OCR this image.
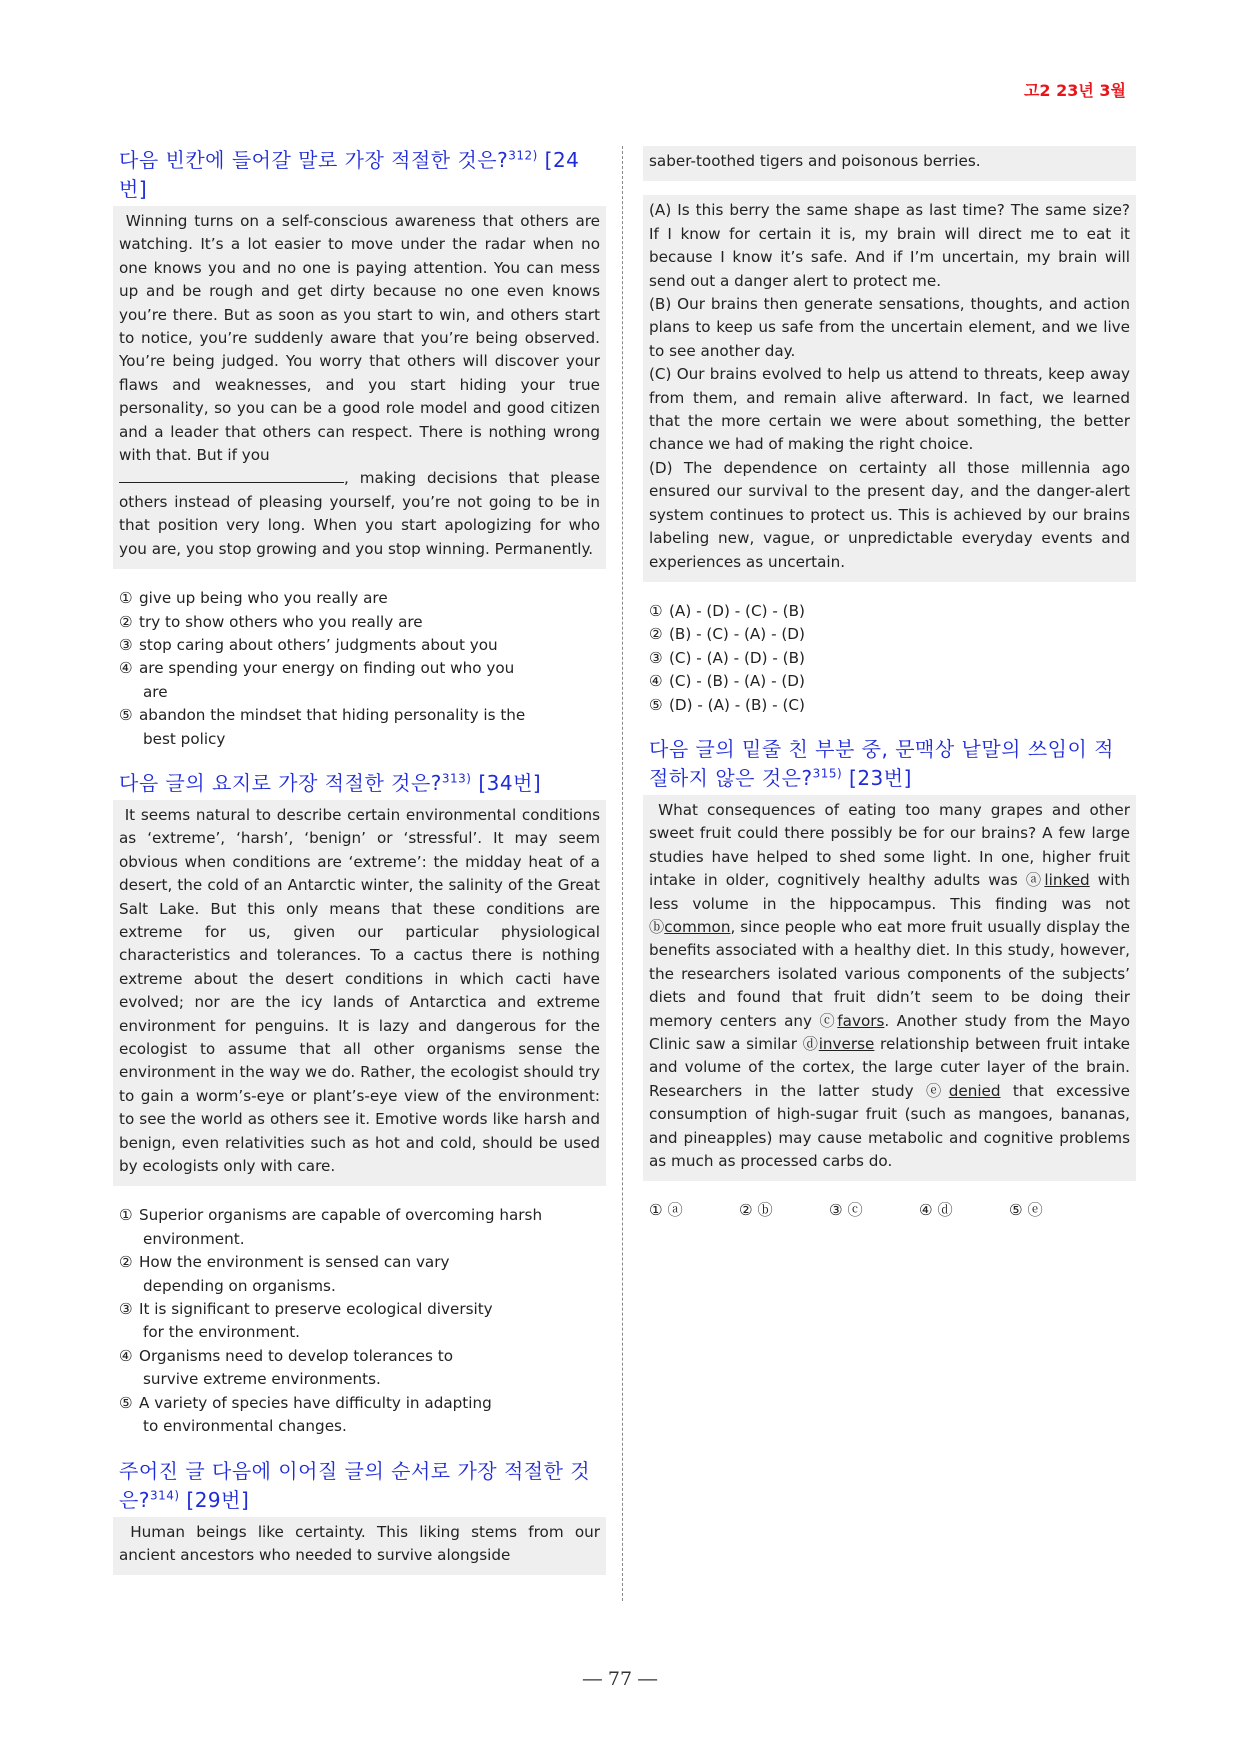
고2 23년 3월
다음 빈칸에 들어갈 말로 가장 적절한 것은?$^{312)}$ [24번]

Winning turns on a self-conscious awareness that others are watching. It’s a lot easier to move under the radar when no one knows you and no one is paying attention. You can mess up and be rough and get dirty because no one even knows you’re there. But as soon as you start to win, and others start to notice, you’re suddenly aware that you’re being observed. You’re being judged. You worry that others will discover your flaws and weaknesses, and you start hiding your true personality, so you can be a good role model and good citizen and a leader that others can respect. There is nothing wrong with that. But if you
, making decisions that please others instead of pleasing yourself, you’re not going to be in that position very long. When you start apologizing for who you are, you stop growing and you stop winning. Permanently.

① give up being who you really are
② try to show others who you really are
③ stop caring about others’ judgments about you
④ are spending your energy on finding out who you are
⑤ abandon the mindset that hiding personality is the best policy
다음 글의 요지로 가장 적절한 것은?$^{313)}$ [34번]

It seems natural to describe certain environmental conditions as ‘extreme’, ‘harsh’, ‘benign’ or ‘stressful’. It may seem obvious when conditions are ‘extreme’: the midday heat of a desert, the cold of an Antarctic winter, the salinity of the Great Salt Lake. But this only means that these conditions are extreme for us, given our particular physiological characteristics and tolerances. To a cactus there is nothing extreme about the desert conditions in which cacti have evolved; nor are the icy lands of Antarctica and extreme environment for penguins. It is lazy and dangerous for the ecologist to assume that all other organisms sense the environment in the way we do. Rather, the ecologist should try to gain a worm’s-eye or plant’s-eye view of the environment: to see the world as others see it. Emotive words like harsh and benign, even relativities such as hot and cold, should be used by ecologists only with care.

① Superior organisms are capable of overcoming harsh environment.
② How the environment is sensed can vary depending on organisms.
③ It is significant to preserve ecological diversity for the environment.
④ Organisms need to develop tolerances to survive extreme environments.
⑤ A variety of species have difficulty in adapting to environmental changes.
주어진 글 다음에 이어질 글의 순서로 가장 적절한 것은?$^{314)}$ [29번]

Human beings like certainty. This liking stems from our ancient ancestors who needed to survive alongside

saber-toothed tigers and poisonous berries.

(A) Is this berry the same shape as last time? The same size? If I know for certain it is, my brain will direct me to eat it because I know it’s safe. And if I’m uncertain, my brain will send out a danger alert to protect me.

(B) Our brains then generate sensations, thoughts, and action plans to keep us safe from the uncertain element, and we live to see another day.

(C) Our brains evolved to help us attend to threats, keep away from them, and remain alive afterward. In fact, we learned that the more certain we were about something, the better chance we had of making the right choice.

(D) The dependence on certainty all those millennia ago ensured our survival to the present day, and the danger-alert system continues to protect us. This is achieved by our brains labeling new, vague, or unpredictable everyday events and experiences as uncertain.

① (A) - (D) - (C) - (B)
② (B) - (C) - (A) - (D)
③ (C) - (A) - (D) - (B)
④ (C) - (B) - (A) - (D)
⑤ (D) - (A) - (B) - (C)
다음 글의 밑줄 친 부분 중, 문맥상 낱말의 쓰임이 적절하지 않은 것은?$^{315)}$ [23번]

What consequences of eating too many grapes and other sweet fruit could there possibly be for our brains? A few large studies have helped to shed some light. In one, higher fruit intake in older, cognitively healthy adults was ⓐlinked with less volume in the hippocampus. This finding was not ⓑcommon, since people who eat more fruit usually display the benefits associated with a healthy diet. In this study, however, the researchers isolated various components of the subjects’ diets and found that fruit didn’t seem to be doing their memory centers any ⓒfavors. Another study from the Mayo Clinic saw a similar ⓓinverse relationship between fruit intake and volume of the cortex, the large cuter layer of the brain. Researchers in the latter study ⓔdenied that excessive consumption of high-sugar fruit (such as mangoes, bananas, and pineapples) may cause metabolic and cognitive problems as much as processed carbs do.

① ⓐ	② ⓑ	③ ⓒ	④ ⓓ	⑤ ⓔ
― 77 ―
